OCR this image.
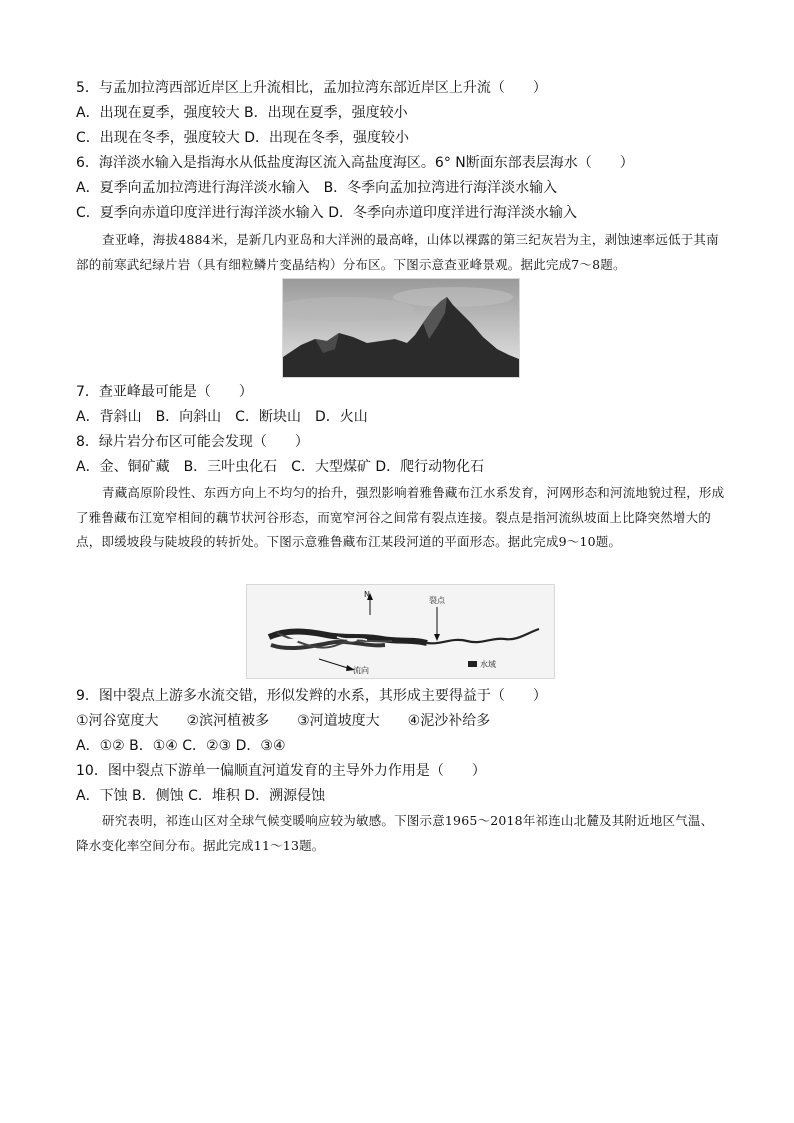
5．与孟加拉湾西部近岸区上升流相比，孟加拉湾东部近岸区上升流（　　）
A．出现在夏季，强度较大 B．出现在夏季，强度较小
C．出现在冬季，强度较大 D．出现在冬季，强度较小
6．海洋淡水输入是指海水从低盐度海区流入高盐度海区。6° N断面东部表层海水（　　）
A．夏季向孟加拉湾进行海洋淡水输入　B．冬季向孟加拉湾进行海洋淡水输入
C．夏季向赤道印度洋进行海洋淡水输入 D．冬季向赤道印度洋进行海洋淡水输入
查亚峰，海拔4884米，是新几内亚岛和大洋洲的最高峰，山体以裸露的第三纪灰岩为主，剥蚀速率远低于其南部的前寒武纪绿片岩（具有细粒鳞片变晶结构）分布区。下图示意查亚峰景观。据此完成7～8题。
7．查亚峰最可能是（　　）
A．背斜山　B．向斜山　C．断块山　D．火山
8．绿片岩分布区可能会发现（　　）
A．金、铜矿藏　B．三叶虫化石　C．大型煤矿 D．爬行动物化石
青藏高原阶段性、东西方向上不均匀的抬升，强烈影响着雅鲁藏布江水系发育，河网形态和河流地貌过程，形成了雅鲁藏布江宽窄相间的藕节状河谷形态，而宽窄河谷之间常有裂点连接。裂点是指河流纵坡面上比降突然增大的点，即缓坡段与陡坡段的转折处。下图示意雅鲁藏布江某段河道的平面形态。据此完成9～10题。
N
裂点
流向
水域
9．图中裂点上游多水流交错，形似发辫的水系，其形成主要得益于（　　）
①河谷宽度大　　②滨河植被多　　③河道坡度大　　④泥沙补给多
A．①② B．①④ C．②③ D．③④
10．图中裂点下游单一偏顺直河道发育的主导外力作用是（　　）
A．下蚀 B．侧蚀 C．堆积 D．溯源侵蚀
研究表明，祁连山区对全球气候变暖响应较为敏感。下图示意1965～2018年祁连山北麓及其附近地区气温、降水变化率空间分布。据此完成11～13题。
